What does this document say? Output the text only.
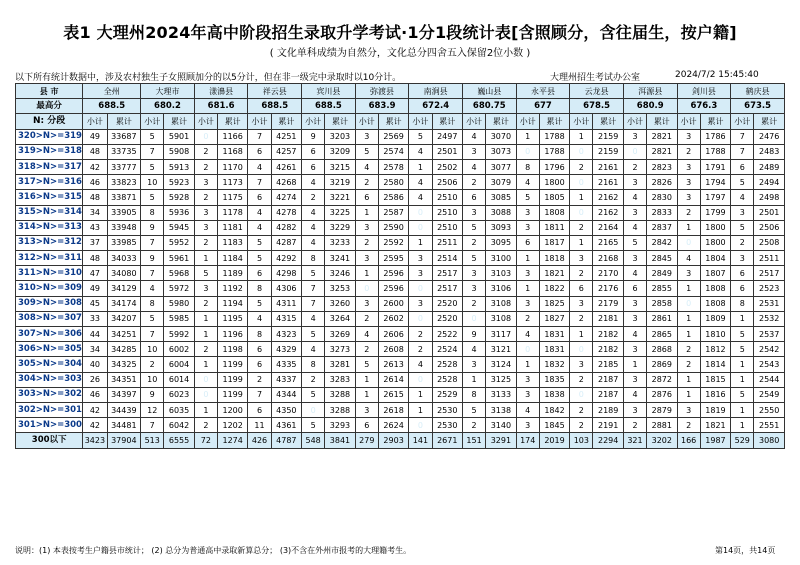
表1 大理州2024年高中阶段招生录取升学考试·1分1段统计表[含照顾分，含往届生，按户籍]
( 文化单科成绩为自然分，文化总分四舍五入保留2位小数 )
以下所有统计数据中，涉及农村独生子女照顾加分的以5分计，但在非一级完中录取时以10分计。	大理州招生考试办公室	2024/7/2 15:45:40
县 市	全州		大理市		漾濞县		祥云县		宾川县		弥渡县		南涧县		巍山县		永平县		云龙县		洱源县		剑川县		鹤庆县	
最高分	688.5		680.2		681.6		688.5		688.5		683.9		672.4		680.75		677		678.5		680.9		676.3		673.5	
N: 分段	小计	累计	小计	累计	小计	累计	小计	累计	小计	累计	小计	累计	小计	累计	小计	累计	小计	累计	小计	累计	小计	累计	小计	累计	小计	累计
320>N>=319	49	33687	5	5901	0	1166	7	4251	9	3203	3	2569	5	2497	4	3070	1	1788	1	2159	3	2821	3	1786	7	2476
319>N>=318	48	33735	7	5908	2	1168	6	4257	6	3209	5	2574	4	2501	3	3073	0	1788	0	2159	0	2821	2	1788	7	2483
318>N>=317	42	33777	5	5913	2	1170	4	4261	6	3215	4	2578	1	2502	4	3077	8	1796	2	2161	2	2823	3	1791	6	2489
317>N>=316	46	33823	10	5923	3	1173	7	4268	4	3219	2	2580	4	2506	2	3079	4	1800	0	2161	3	2826	3	1794	5	2494
316>N>=315	48	33871	5	5928	2	1175	6	4274	2	3221	6	2586	4	2510	6	3085	5	1805	1	2162	4	2830	3	1797	4	2498
315>N>=314	34	33905	8	5936	3	1178	4	4278	4	3225	1	2587	0	2510	3	3088	3	1808	0	2162	3	2833	2	1799	3	2501
314>N>=313	43	33948	9	5945	3	1181	4	4282	4	3229	3	2590	0	2510	5	3093	3	1811	2	2164	4	2837	1	1800	5	2506
313>N>=312	37	33985	7	5952	2	1183	5	4287	4	3233	2	2592	1	2511	2	3095	6	1817	1	2165	5	2842	0	1800	2	2508
312>N>=311	48	34033	9	5961	1	1184	5	4292	8	3241	3	2595	3	2514	5	3100	1	1818	3	2168	3	2845	4	1804	3	2511
311>N>=310	47	34080	7	5968	5	1189	6	4298	5	3246	1	2596	3	2517	3	3103	3	1821	2	2170	4	2849	3	1807	6	2517
310>N>=309	49	34129	4	5972	3	1192	8	4306	7	3253	0	2596	0	2517	3	3106	1	1822	6	2176	6	2855	1	1808	6	2523
309>N>=308	45	34174	8	5980	2	1194	5	4311	7	3260	3	2600	3	2520	2	3108	3	1825	3	2179	3	2858	0	1808	8	2531
308>N>=307	33	34207	5	5985	1	1195	4	4315	4	3264	2	2602	0	2520	0	3108	2	1827	2	2181	3	2861	1	1809	1	2532
307>N>=306	44	34251	7	5992	1	1196	8	4323	5	3269	4	2606	2	2522	9	3117	4	1831	1	2182	4	2865	1	1810	5	2537
306>N>=305	34	34285	10	6002	2	1198	6	4329	4	3273	2	2608	2	2524	4	3121	0	1831	0	2182	3	2868	2	1812	5	2542
305>N>=304	40	34325	2	6004	1	1199	6	4335	8	3281	5	2613	4	2528	3	3124	1	1832	3	2185	1	2869	2	1814	1	2543
304>N>=303	26	34351	10	6014	0	1199	2	4337	2	3283	1	2614	0	2528	1	3125	3	1835	2	2187	3	2872	1	1815	1	2544
303>N>=302	46	34397	9	6023	0	1199	7	4344	5	3288	1	2615	1	2529	8	3133	3	1838	0	2187	4	2876	1	1816	5	2549
302>N>=301	42	34439	12	6035	1	1200	6	4350	0	3288	3	2618	1	2530	5	3138	4	1842	2	2189	3	2879	3	1819	1	2550
301>N>=300	42	34481	7	6042	2	1202	11	4361	5	3293	6	2624	0	2530	2	3140	3	1845	2	2191	2	2881	2	1821	1	2551
300以下	3423	37904	513	6555	72	1274	426	4787	548	3841	279	2903	141	2671	151	3291	174	2019	103	2294	321	3202	166	1987	529	3080
说明：(1) 本表按考生户籍县市统计； (2) 总分为普通高中录取新算总分； (3)不含在外州市报考的大理籍考生。	第14页，共14页
